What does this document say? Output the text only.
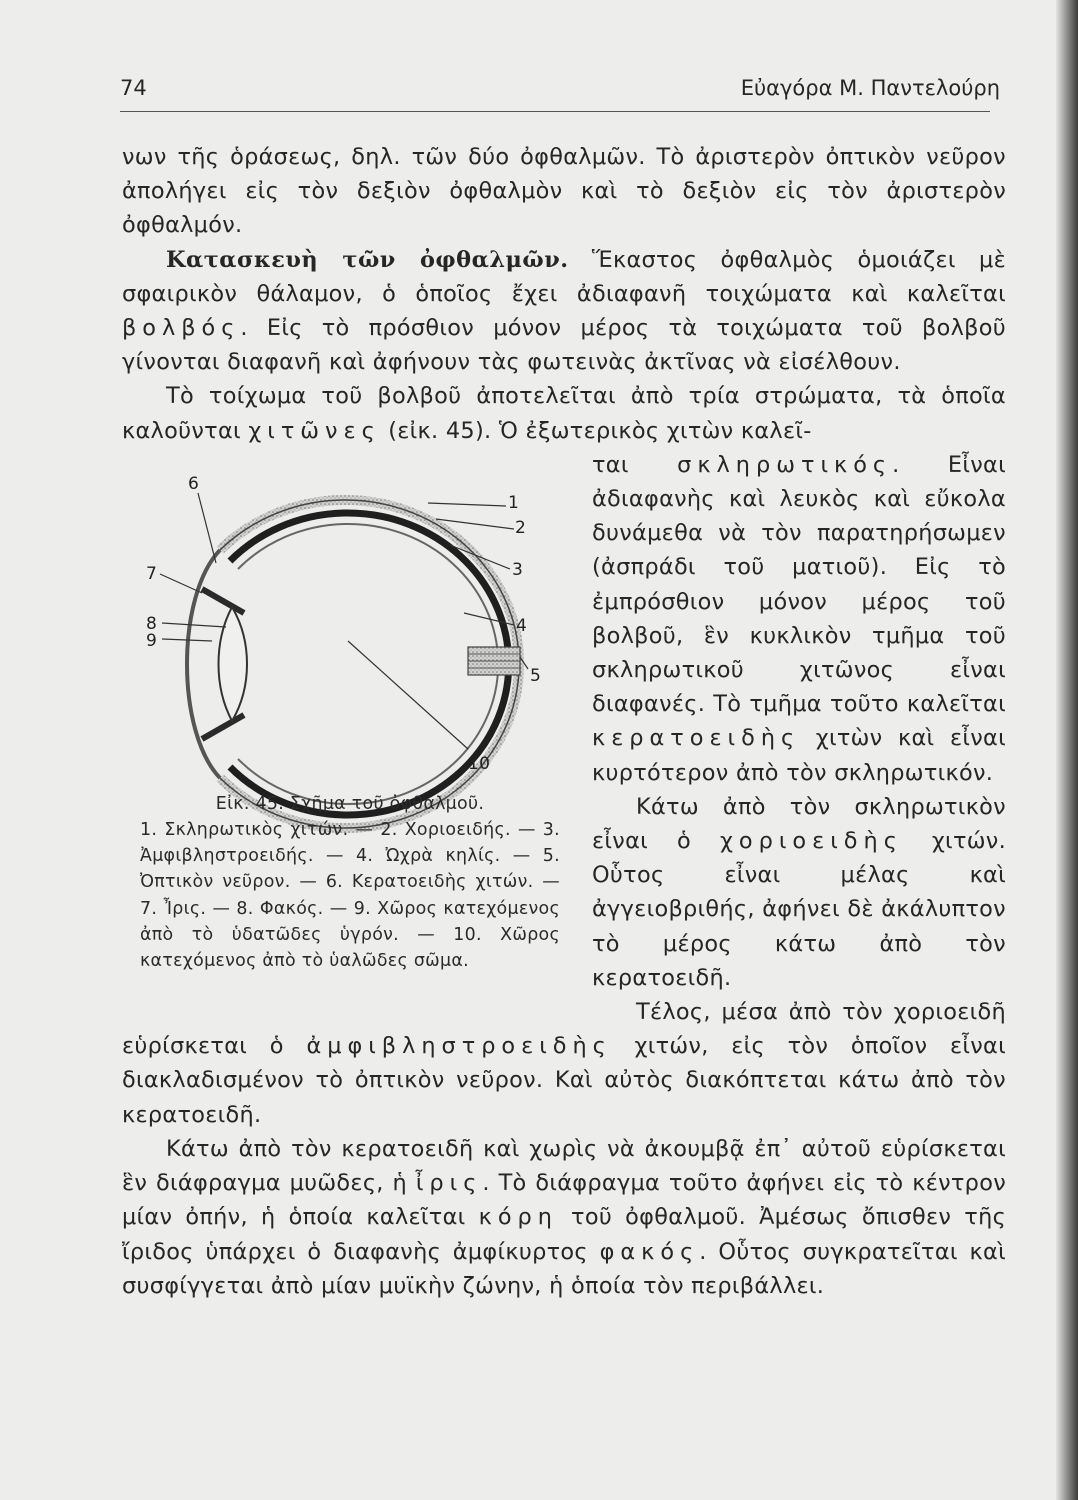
74	Εὐαγόρα Μ. Παντελούρη

νων τῆς ὁράσεως, δηλ. τῶν δύο ὀφθαλμῶν. Τὸ ἀριστερὸν ὀπτικὸν νεῦρον ἀπολήγει εἰς τὸν δεξιὸν ὀφθαλμὸν καὶ τὸ δεξιὸν εἰς τὸν ἀριστερὸν ὀφθαλμόν.

Κατασκευὴ τῶν ὀφθαλμῶν. Ἕκαστος ὀφθαλμὸς ὁμοιάζει μὲ σφαιρικὸν θάλαμον, ὁ ὁποῖος ἔχει ἀδιαφανῆ τοιχώματα καὶ καλεῖται βολβός. Εἰς τὸ πρόσθιον μόνον μέρος τὰ τοιχώματα τοῦ βολβοῦ γίνονται διαφανῆ καὶ ἀφήνουν τὰς φωτεινὰς ἀκτῖνας νὰ εἰσέλθουν.

Τὸ τοίχωμα τοῦ βολβοῦ ἀποτελεῖται ἀπὸ τρία στρώματα, τὰ ὁποῖα καλοῦνται χιτῶνες (εἰκ. 45). Ὁ ἐξωτερικὸς χιτὼν καλεῖ-

1
2
3
4
5
6
7
8
9
10

Εἰκ. 45. Σχῆμα τοῦ ὀφθαλμοῦ.

1. Σκληρωτικὸς χιτών. — 2. Χοριοειδής. — 3. Ἀμφιβληστροειδής. — 4. Ὠχρὰ κηλίς. — 5. Ὀπτικὸν νεῦρον. — 6. Κερατοειδὴς χιτών. — 7. Ἶρις. — 8. Φακός. — 9. Χῶρος κατεχόμενος ἀπὸ τὸ ὑδατῶδες ὑγρόν. — 10. Χῶρος κατεχόμενος ἀπὸ τὸ ὑαλῶδες σῶμα.

ται σκληρωτικός. Εἶναι ἀδιαφανὴς καὶ λευκὸς καὶ εὔκολα δυνάμεθα νὰ τὸν παρατηρήσωμεν (ἀσπράδι τοῦ ματιοῦ). Εἰς τὸ ἐμπρόσθιον μόνον μέρος τοῦ βολβοῦ, ἓν κυκλικὸν τμῆμα τοῦ σκληρωτικοῦ χιτῶνος εἶναι διαφανές. Τὸ τμῆμα τοῦτο καλεῖται κερατοειδὴς χιτὼν καὶ εἶναι κυρτότερον ἀπὸ τὸν σκληρωτικόν.

Κάτω ἀπὸ τὸν σκληρωτικὸν εἶναι ὁ χοριοειδὴς χιτών. Οὗτος εἶναι μέλας καὶ ἀγγειοβριθής, ἀφήνει δὲ ἀκάλυπτον τὸ μέρος κάτω ἀπὸ τὸν κερατοειδῆ.

Τέλος, μέσα ἀπὸ τὸν χοριοειδῆ εὑρίσκεται ὁ ἀμφιβληστροειδὴς χιτών, εἰς τὸν ὁποῖον εἶναι διακλαδισμένον τὸ ὀπτικὸν νεῦρον. Καὶ αὐτὸς διακόπτεται κάτω ἀπὸ τὸν κερατοειδῆ.

Κάτω ἀπὸ τὸν κερατοειδῆ καὶ χωρὶς νὰ ἀκουμβᾷ ἐπ᾽ αὐτοῦ εὑρίσκεται ἓν διάφραγμα μυῶδες, ἡ ἶρις. Τὸ διάφραγμα τοῦτο ἀφήνει εἰς τὸ κέντρον μίαν ὀπήν, ἡ ὁποία καλεῖται κόρη τοῦ ὀφθαλμοῦ. Ἀμέσως ὄπισθεν τῆς ἴριδος ὑπάρχει ὁ διαφανὴς ἀμφίκυρτος φακός. Οὗτος συγκρατεῖται καὶ συσφίγγεται ἀπὸ μίαν μυϊκὴν ζώνην, ἡ ὁποία τὸν περιβάλλει.
